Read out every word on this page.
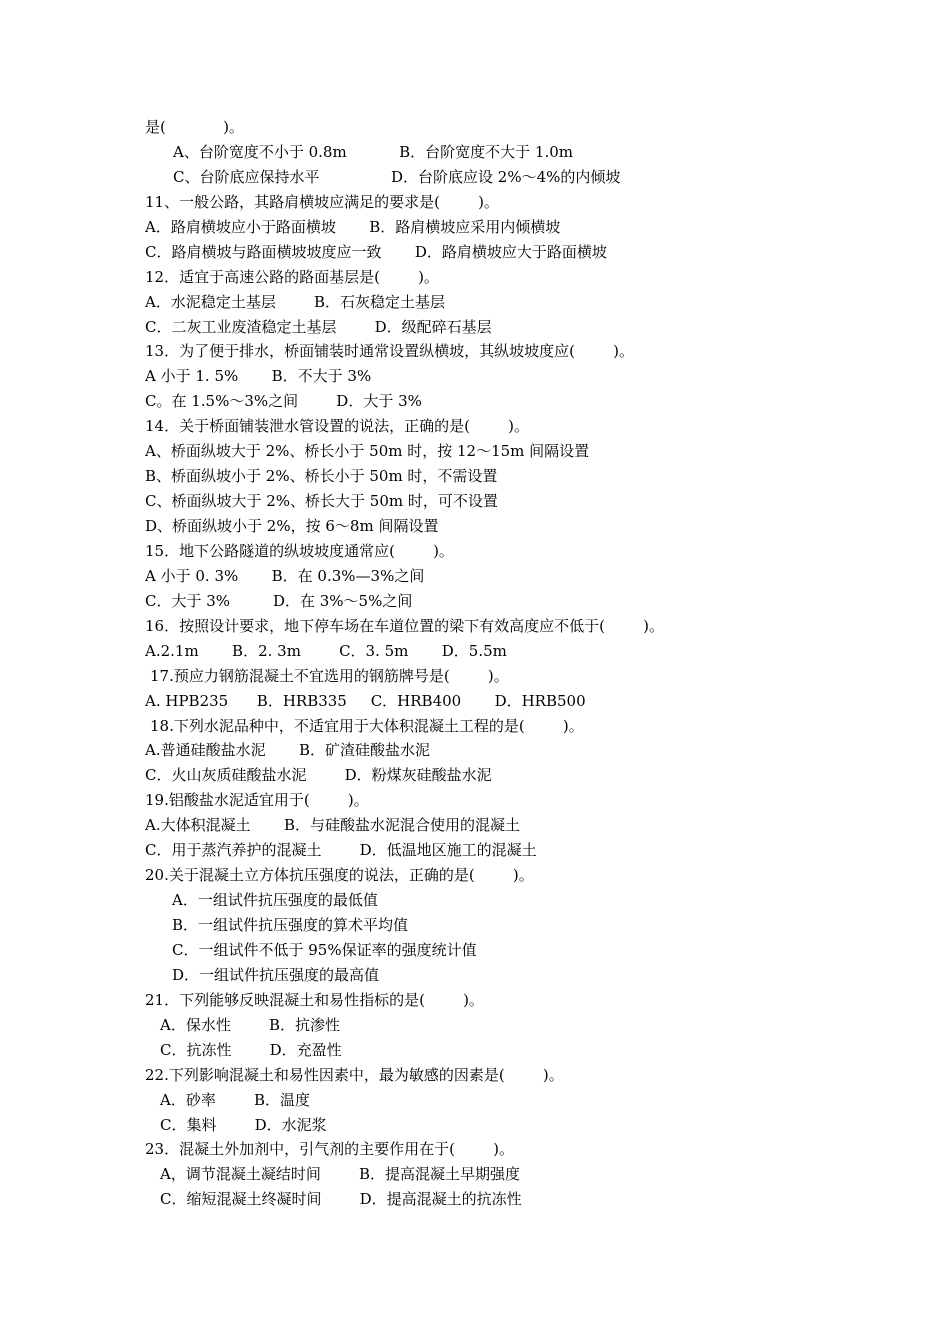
是(            )。
A、台阶宽度不小于 0.8m           B．台阶宽度不大于 1.0m
C、台阶底应保持水平               D．台阶底应设 2%～4%的内倾坡
11、一般公路，其路肩横坡应满足的要求是(        )。
A．路肩横坡应小于路面横坡       B．路肩横坡应采用内倾横坡
C．路肩横坡与路面横坡坡度应一致       D．路肩横坡应大于路面横坡
12．适宜于高速公路的路面基层是(        )。
A．水泥稳定土基层        B．石灰稳定土基层
C．二灰工业废渣稳定土基层        D．级配碎石基层
13．为了便于排水，桥面铺装时通常设置纵横坡，其纵坡坡度应(        )。
A 小于 1. 5%       B．不大于 3%
C。在 1.5%～3%之间        D．大于 3%
14．关于桥面铺装泄水管设置的说法，正确的是(        )。
A、桥面纵坡大于 2%、桥长小于 50m 时，按 12～15m 间隔设置
B、桥面纵坡小于 2%、桥长小于 50m 时，不需设置
C、桥面纵坡大于 2%、桥长大于 50m 时，可不设置
D、桥面纵坡小于 2%，按 6～8m 间隔设置
15．地下公路隧道的纵坡坡度通常应(        )。
A 小于 0. 3%       B．在 0.3%—3%之间
C．大于 3%         D．在 3%～5%之间
16．按照设计要求，地下停车场在车道位置的梁下有效高度应不低于(        )。
A.2.1m       B．2. 3m        C．3. 5m       D．5.5m
17.预应力钢筋混凝土不宜选用的钢筋牌号是(        )。
A. HPB235      B．HRB335     C．HRB400       D．HRB500
18.下列水泥品种中，不适宜用于大体积混凝土工程的是(        )。
A.普通硅酸盐水泥       B．矿渣硅酸盐水泥
C．火山灰质硅酸盐水泥        D．粉煤灰硅酸盐水泥
19.铝酸盐水泥适宜用于(        )。
A.大体积混凝土       B．与硅酸盐水泥混合使用的混凝土
C．用于蒸汽养护的混凝土        D．低温地区施工的混凝土
20.关于混凝土立方体抗压强度的说法，正确的是(        )。
A．一组试件抗压强度的最低值
B．一组试件抗压强度的算术平均值
C．一组试件不低于 95%保证率的强度统计值
D．一组试件抗压强度的最高值
21．下列能够反映混凝土和易性指标的是(        )。
A．保水性        B．抗渗性
C．抗冻性        D．充盈性
22.下列影响混凝土和易性因素中，最为敏感的因素是(        )。
A．砂率        B．温度
C．集料        D．水泥浆
23．混凝土外加剂中，引气剂的主要作用在于(        )。
A，调节混凝土凝结时间        B．提高混凝土早期强度
C．缩短混凝土终凝时间        D．提高混凝土的抗冻性
